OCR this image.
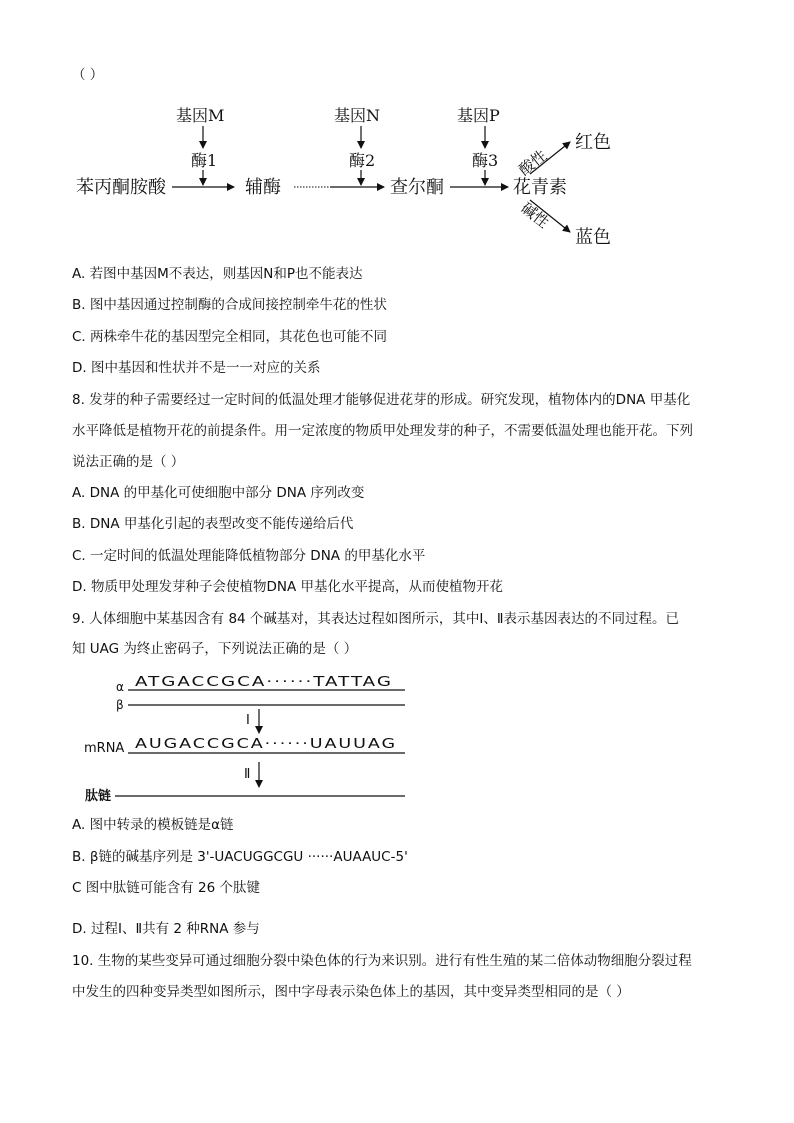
（ ）
基因M	基因N	基因P
酶1	酶2	酶3
苯丙酮胺酸	辅酶	查尔酮	花青素
酸性
红色
碱性
蓝色
A. 若图中基因M不表达，则基因N和P也不能表达
B. 图中基因通过控制酶的合成间接控制牵牛花的性状
C. 两株牵牛花的基因型完全相同，其花色也可能不同
D. 图中基因和性状并不是一一对应的关系
8. 发芽的种子需要经过一定时间的低温处理才能够促进花芽的形成。研究发现，植物体内的DNA 甲基化
水平降低是植物开花的前提条件。用一定浓度的物质甲处理发芽的种子，不需要低温处理也能开花。下列
说法正确的是（ ）
A. DNA 的甲基化可使细胞中部分 DNA 序列改变
B. DNA 甲基化引起的表型改变不能传递给后代
C. 一定时间的低温处理能降低植物部分 DNA 的甲基化水平
D. 物质甲处理发芽种子会使植物DNA 甲基化水平提高，从而使植物开花
9. 人体细胞中某基因含有 84 个碱基对，其表达过程如图所示，其中Ⅰ、Ⅱ表示基因表达的不同过程。已
知 UAG 为终止密码子，下列说法正确的是（ ）
α ATGACCGCA······TATTAG
β
Ⅰ
mRNA AUGACCGCA······UAUUAG
Ⅱ
肽链
A. 图中转录的模板链是α链
B. β链的碱基序列是 3'-UACUGGCGU ······AUAAUC-5'
C 图中肽链可能含有 26 个肽键
D. 过程Ⅰ、Ⅱ共有 2 种RNA 参与
10. 生物的某些变异可通过细胞分裂中染色体的行为来识别。进行有性生殖的某二倍体动物细胞分裂过程
中发生的四种变异类型如图所示，图中字母表示染色体上的基因，其中变异类型相同的是（ ）
